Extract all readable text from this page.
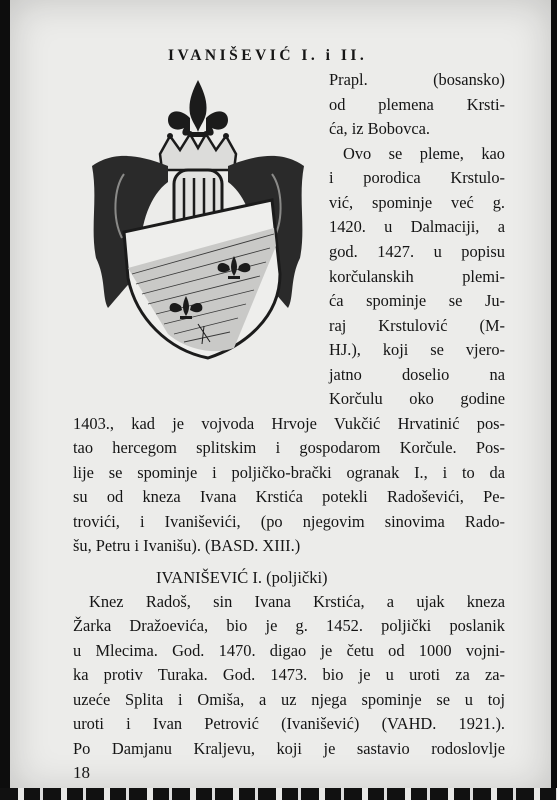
IVANIŠEVIĆ I. i II.
Prapl. (bosansko)
od plemena Krsti-
ća, iz Bobovca.
Ovo se pleme, kao
i porodica Krstulo-
vić, spominje već g.
1420. u Dalmaciji, a
god. 1427. u popisu
korčulanskih plemi-
ća spominje se Ju-
raj Krstulović (M-
HJ.), koji se vjero-
jatno doselio na
Korčulu oko godine
1403., kad je vojvoda Hrvoje Vukčić Hrvatinić pos-
tao hercegom splitskim i gospodarom Korčule. Pos-
lije se spominje i poljičko-brački ogranak I., i to da
su od kneza Ivana Krstića potekli Radoševići, Pe-
trovići, i Ivaniševići, (po njegovim sinovima Rado-
šu, Petru i Ivanišu). (BASD. XIII.)
IVANIŠEVIĆ I. (poljički)
Knez Radoš, sin Ivana Krstića, a ujak kneza
Žarka Dražoevića, bio je g. 1452. poljički poslanik
u Mlecima. God. 1470. digao je četu od 1000 vojni-
ka protiv Turaka. God. 1473. bio je u uroti za za-
uzeće Splita i Omiša, a uz njega spominje se u toj
uroti i Ivan Petrović (Ivanišević) (VAHD. 1921.).
Po Damjanu Kraljevu, koji je sastavio rodoslovlje
18
